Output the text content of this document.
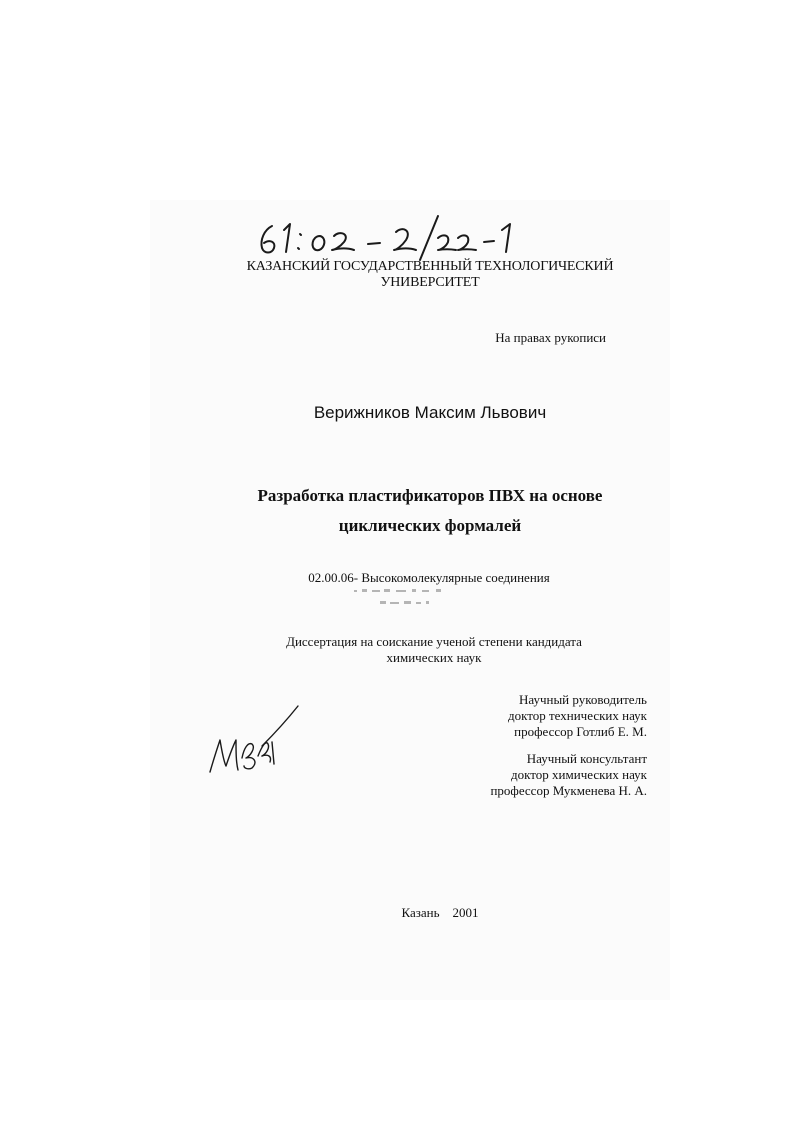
КАЗАНСКИЙ ГОСУДАРСТВЕННЫЙ ТЕХНОЛОГИЧЕСКИЙ
УНИВЕРСИТЕТ
На правах рукописи
Верижников Максим Львович
Разработка пластификаторов ПВХ на основе
циклических формалей
02.00.06- Высокомолекулярные соединения
Диссертация на соискание ученой степени кандидата
химических наук
Научный руководитель
доктор технических наук
профессор Готлиб Е. М.
Научный консультант
доктор химических наук
профессор Мукменева Н. А.
Казань 2001
